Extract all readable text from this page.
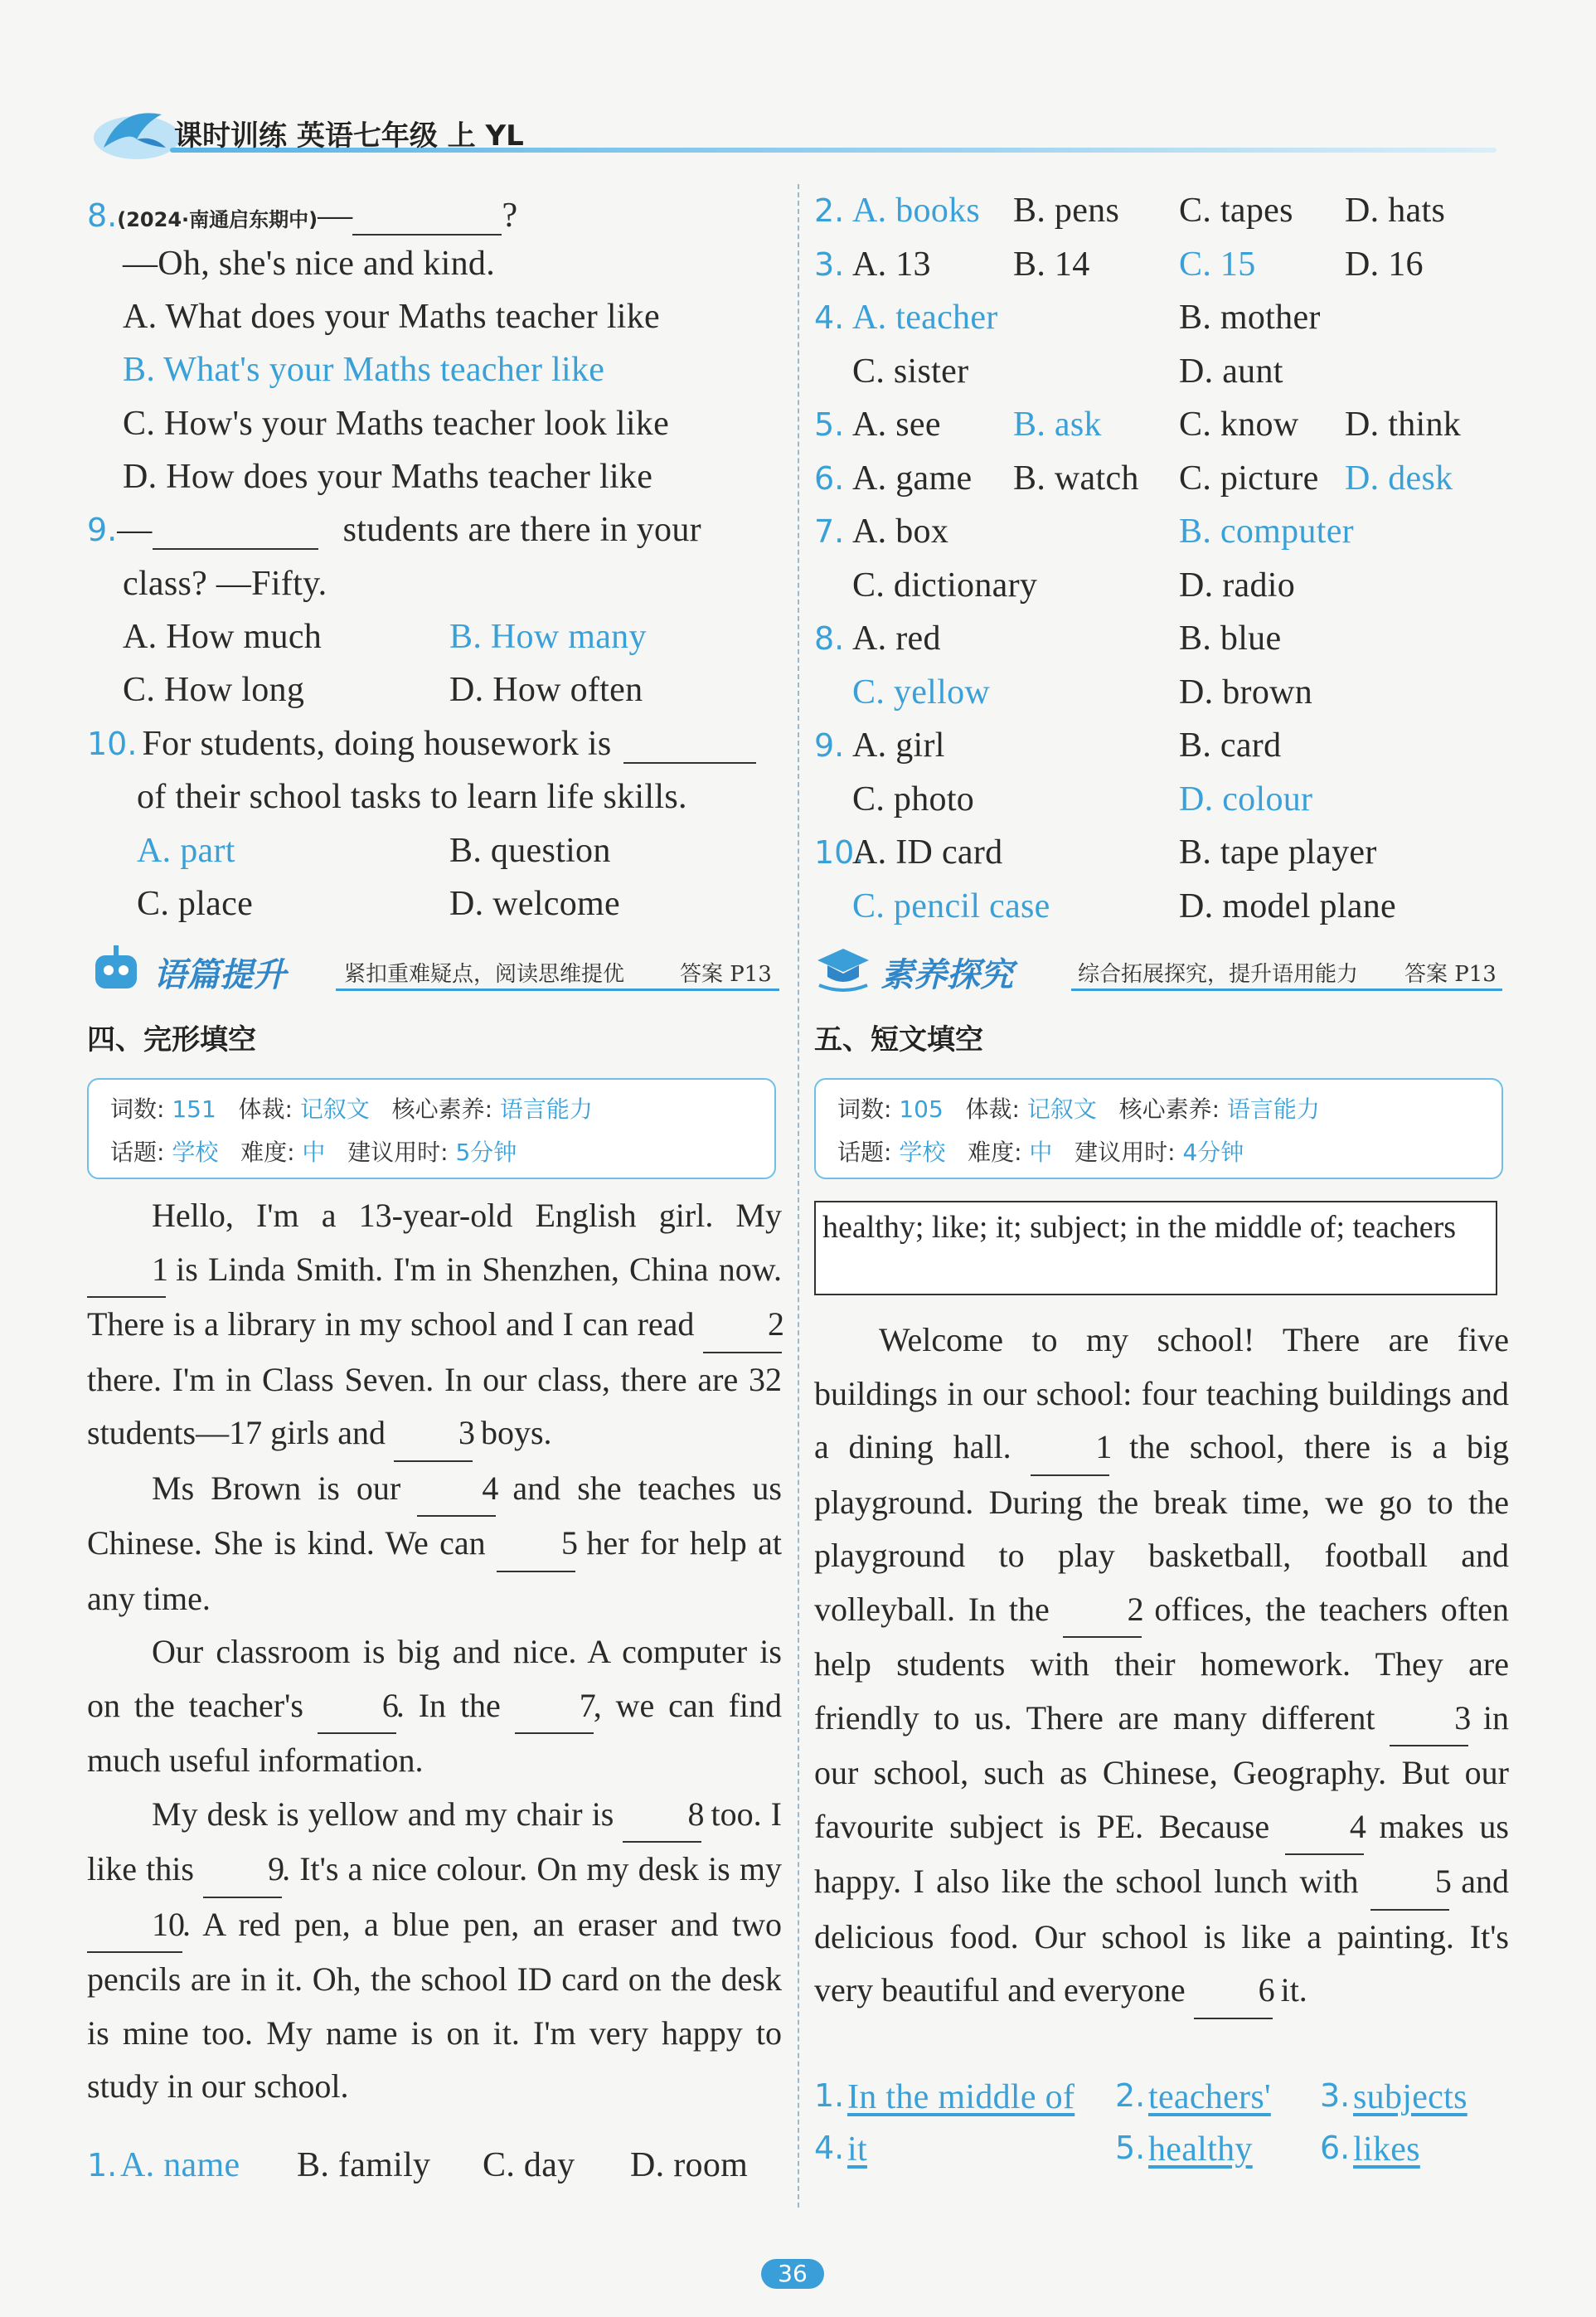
课时训练 英语七年级 上 YL
8.(2024·南通启东期中)—	?
—Oh, she's nice and kind.
A. What does your Maths teacher like
B. What's your Maths teacher like
C. How's your Maths teacher look like
D. How does your Maths teacher like
9.—	students are there in your
class? —Fifty.
A. How much	B. How many
C. How long	D. How often
10. For students, doing housework is
of their school tasks to learn life skills.
A. part	B. question
C. place	D. welcome
2. A. books B. pens C. tapes D. hats
3. A. 13 B. 14	C. 15	D. 16
4. A. teacher	B. mother
C. sister	D. aunt
5. A. see B. ask C. know D. think
6. A. game B. watch C. picture D. desk
7. A. box	B. computer
C. dictionary	D. radio
8. A. red	B. blue
C. yellow	D. brown
9. A. girl	B. card
C. photo	D. colour
10.
A. ID card	B. tape player
C. pencil case	D. model plane
语篇提升	紧扣重难疑点，阅读思维提优	答案 P13	素养探究	综合拓展探究，提升语用能力 答案 P13
四、完形填空
词数: 151 体裁: 记叙文 核心素养: 语言能力
话题: 学校 难度: 中 建议用时: 5分钟
Hello, I'm a 13-year-old English girl. My 1 is Linda Smith. I'm in Shenzhen, China now. There is a library in my school and I can read 2 there. I'm in Class Seven. In our class, there are 32 students—17 girls and 3 boys.
Ms Brown is our 4 and she teaches us Chinese. She is kind. We can 5 her for help at any time.
Our classroom is big and nice. A computer is on the teacher's 6. In the 7, we can find much useful information.
My desk is yellow and my chair is 8 too. I like this 9. It's a nice colour. On my desk is my 10. A red pen, a blue pen, an eraser and two pencils are in it. Oh, the school ID card on the desk is mine too. My name is on it. I'm very happy to study in our school.
1. A. name B. family C. day D. room
五、短文填空
词数: 105 体裁: 记叙文 核心素养: 语言能力
话题: 学校 难度: 中 建议用时: 4分钟
healthy; like; it; subject; in the middle of; teachers
Welcome to my school! There are five buildings in our school: four teaching buildings and a dining hall. 1 the school, there is a big playground. During the break time, we go to the playground to play basketball, football and volleyball. In the 2 offices, the teachers often help students with their homework. They are friendly to us. There are many different 3 in our school, such as Chinese, Geography. But our favourite subject is PE. Because 4 makes us happy. I also like the school lunch with 5 and delicious food. Our school is like a painting. It's very beautiful and everyone 6 it.
1. In the middle of 2. teachers' 3. subjects
4. it	5. healthy 6. likes
36
